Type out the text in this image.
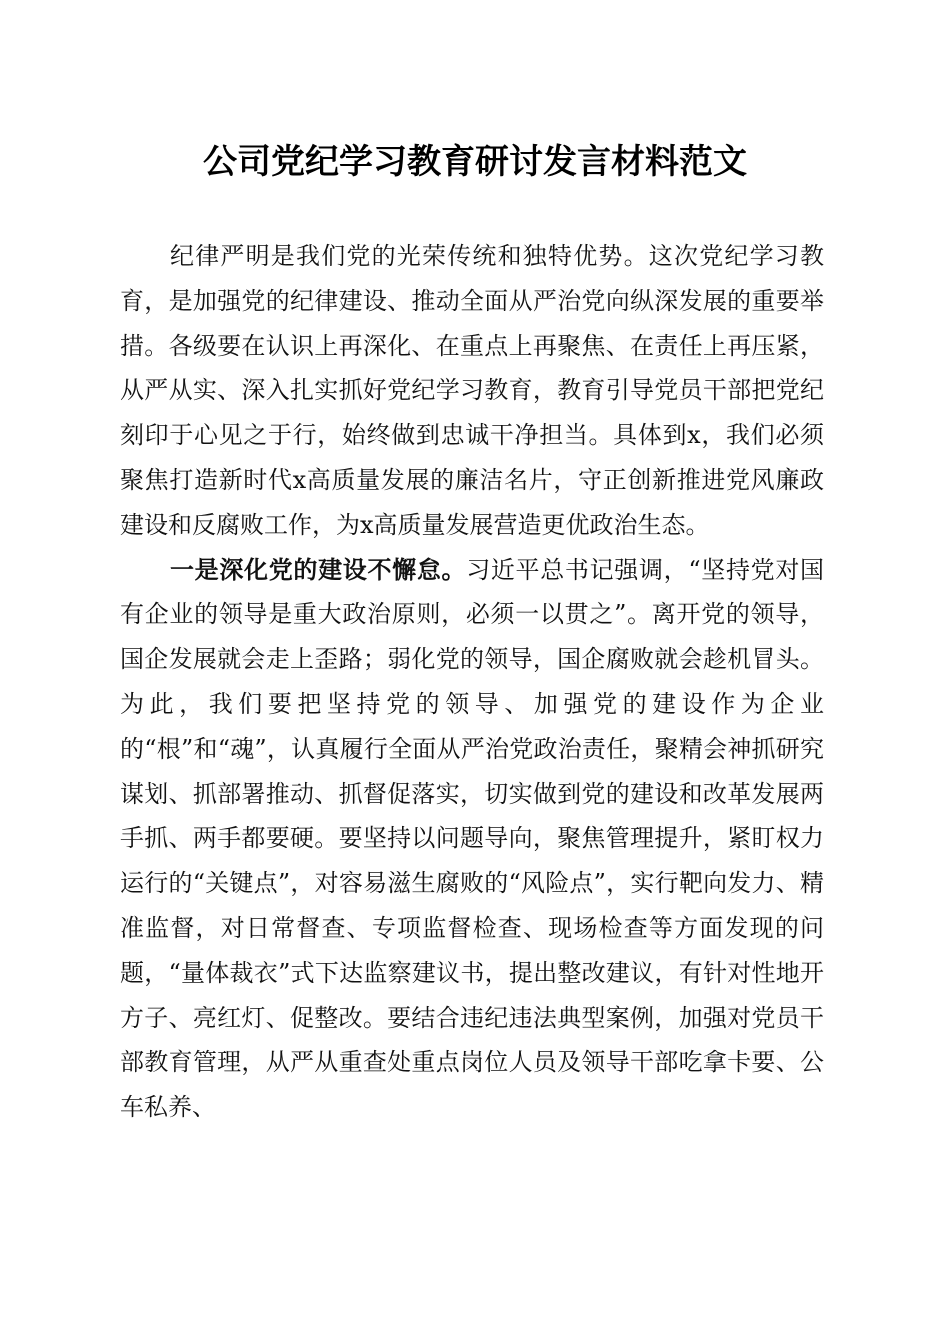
公司党纪学习教育研讨发言材料范文

纪律严明是我们党的光荣传统和独特优势。这次党纪学习教育，是加强党的纪律建设、推动全面从严治党向纵深发展的重要举措。各级要在认识上再深化、在重点上再聚焦、在责任上再压紧，从严从实、深入扎实抓好党纪学习教育，教育引导党员干部把党纪刻印于心见之于行，始终做到忠诚干净担当。具体到x，我们必须聚焦打造新时代x高质量发展的廉洁名片，守正创新推进党风廉政建设和反腐败工作，为x高质量发展营造更优政治生态。

一是深化党的建设不懈怠。习近平总书记强调，“坚持党对国有企业的领导是重大政治原则，必须一以贯之”。离开党的领导，国企发展就会走上歪路；弱化党的领导，国企腐败就会趁机冒头。为此，我们要把坚持党的领导、加强党的建设作为企业的“根”和“魂”，认真履行全面从严治党政治责任，聚精会神抓研究谋划、抓部署推动、抓督促落实，切实做到党的建设和改革发展两手抓、两手都要硬。要坚持以问题导向，聚焦管理提升，紧盯权力运行的“关键点”，对容易滋生腐败的“风险点”，实行靶向发力、精准监督，对日常督查、专项监督检查、现场检查等方面发现的问题，“量体裁衣”式下达监察建议书，提出整改建议，有针对性地开方子、亮红灯、促整改。要结合违纪违法典型案例，加强对党员干部教育管理，从严从重查处重点岗位人员及领导干部吃拿卡要、公车私养、
